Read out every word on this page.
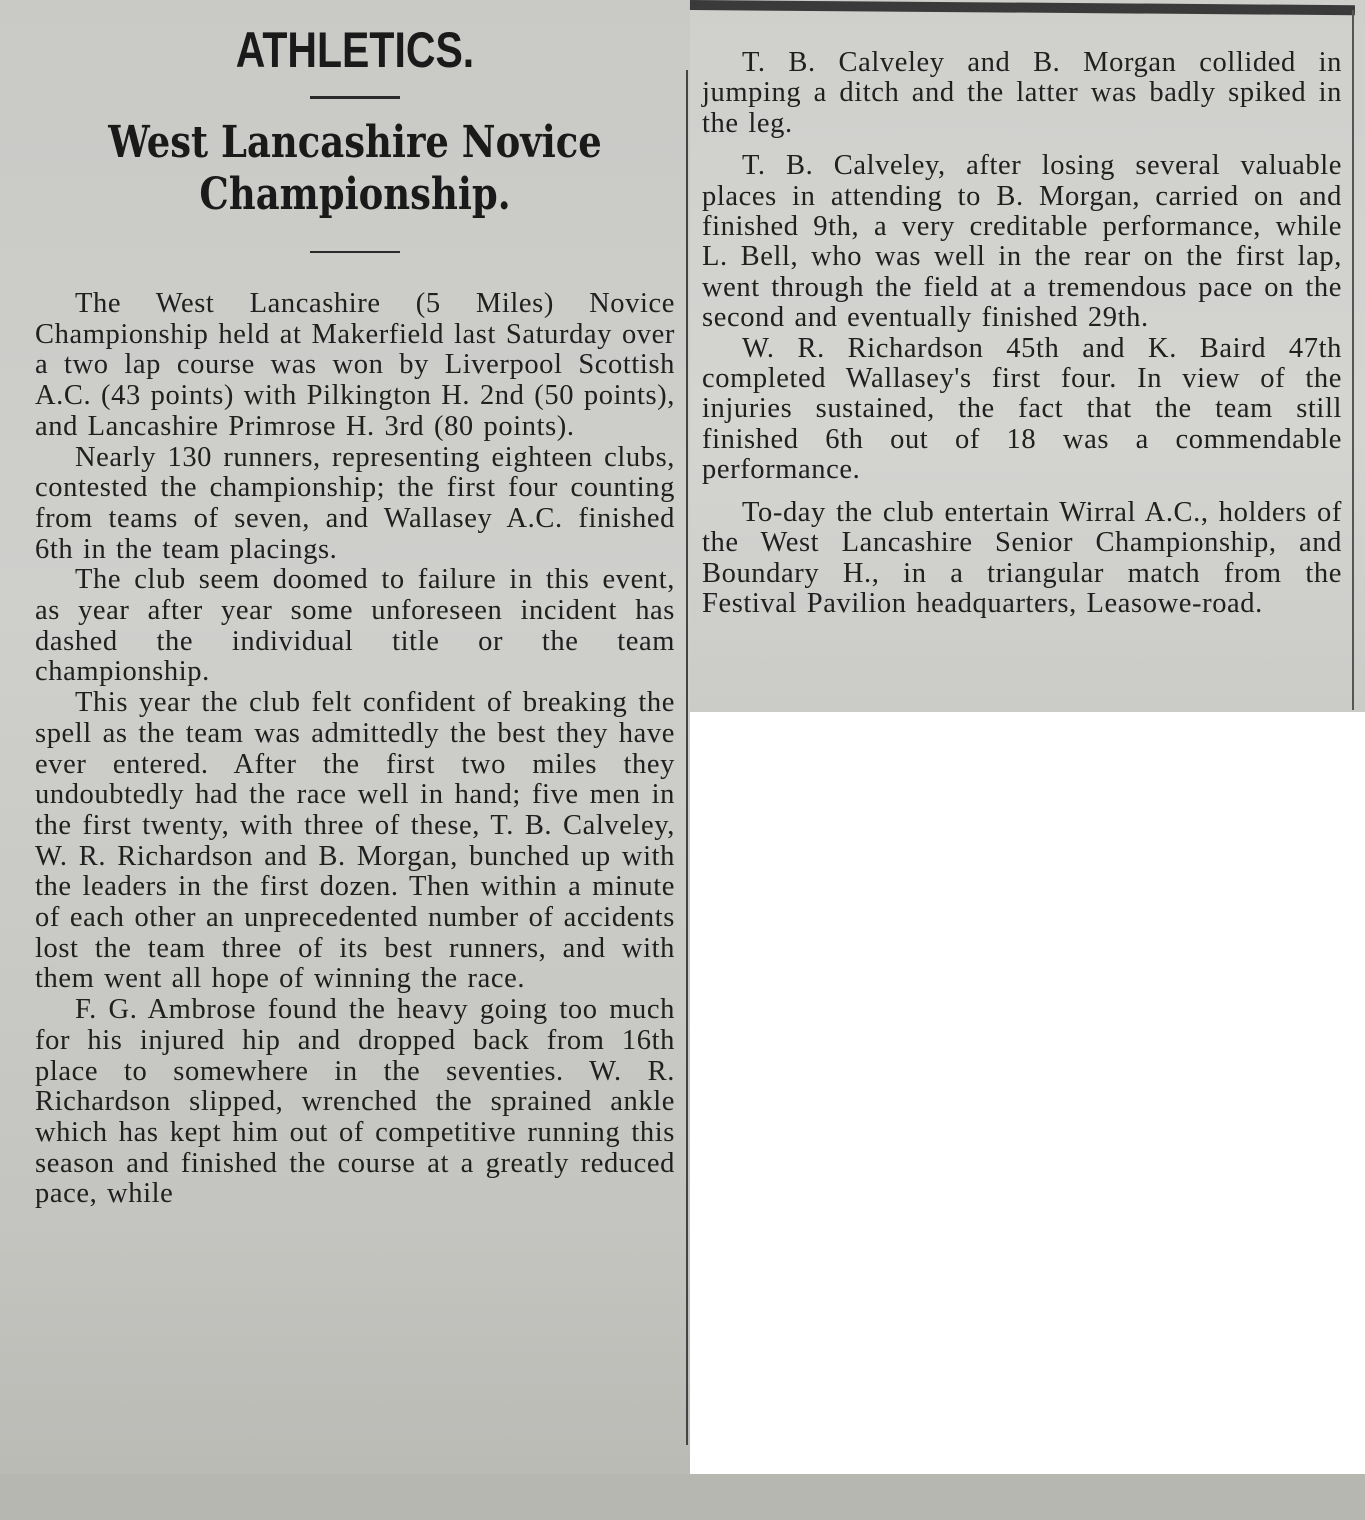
ATHLETICS.
West Lancashire Novice Championship.

The West Lancashire (5 Miles) Novice Championship held at Makerfield last Saturday over a two lap course was won by Liverpool Scottish A.C. (43 points) with Pilkington H. 2nd (50 points), and Lancashire Primrose H. 3rd (80 points).

Nearly 130 runners, representing eighteen clubs, contested the championship; the first four counting from teams of seven, and Wallasey A.C. finished 6th in the team placings.

The club seem doomed to failure in this event, as year after year some unforeseen incident has dashed the individual title or the team championship.

This year the club felt confident of breaking the spell as the team was admittedly the best they have ever entered. After the first two miles they undoubtedly had the race well in hand; five men in the first twenty, with three of these, T. B. Calveley, W. R. Richardson and B. Morgan, bunched up with the leaders in the first dozen. Then within a minute of each other an unprecedented number of accidents lost the team three of its best runners, and with them went all hope of winning the race.

F. G. Ambrose found the heavy going too much for his injured hip and dropped back from 16th place to somewhere in the seventies. W. R. Richardson slipped, wrenched the sprained ankle which has kept him out of competitive running this season and finished the course at a greatly reduced pace, while

T. B. Calveley and B. Morgan collided in jumping a ditch and the latter was badly spiked in the leg.

T. B. Calveley, after losing several valuable places in attending to B. Morgan, carried on and finished 9th, a very creditable performance, while L. Bell, who was well in the rear on the first lap, went through the field at a tremendous pace on the second and eventually finished 29th.

W. R. Richardson 45th and K. Baird 47th completed Wallasey's first four. In view of the injuries sustained, the fact that the team still finished 6th out of 18 was a commendable performance.

To-day the club entertain Wirral A.C., holders of the West Lancashire Senior Championship, and Boundary H., in a triangular match from the Festival Pavilion headquarters, Leasowe-road.
